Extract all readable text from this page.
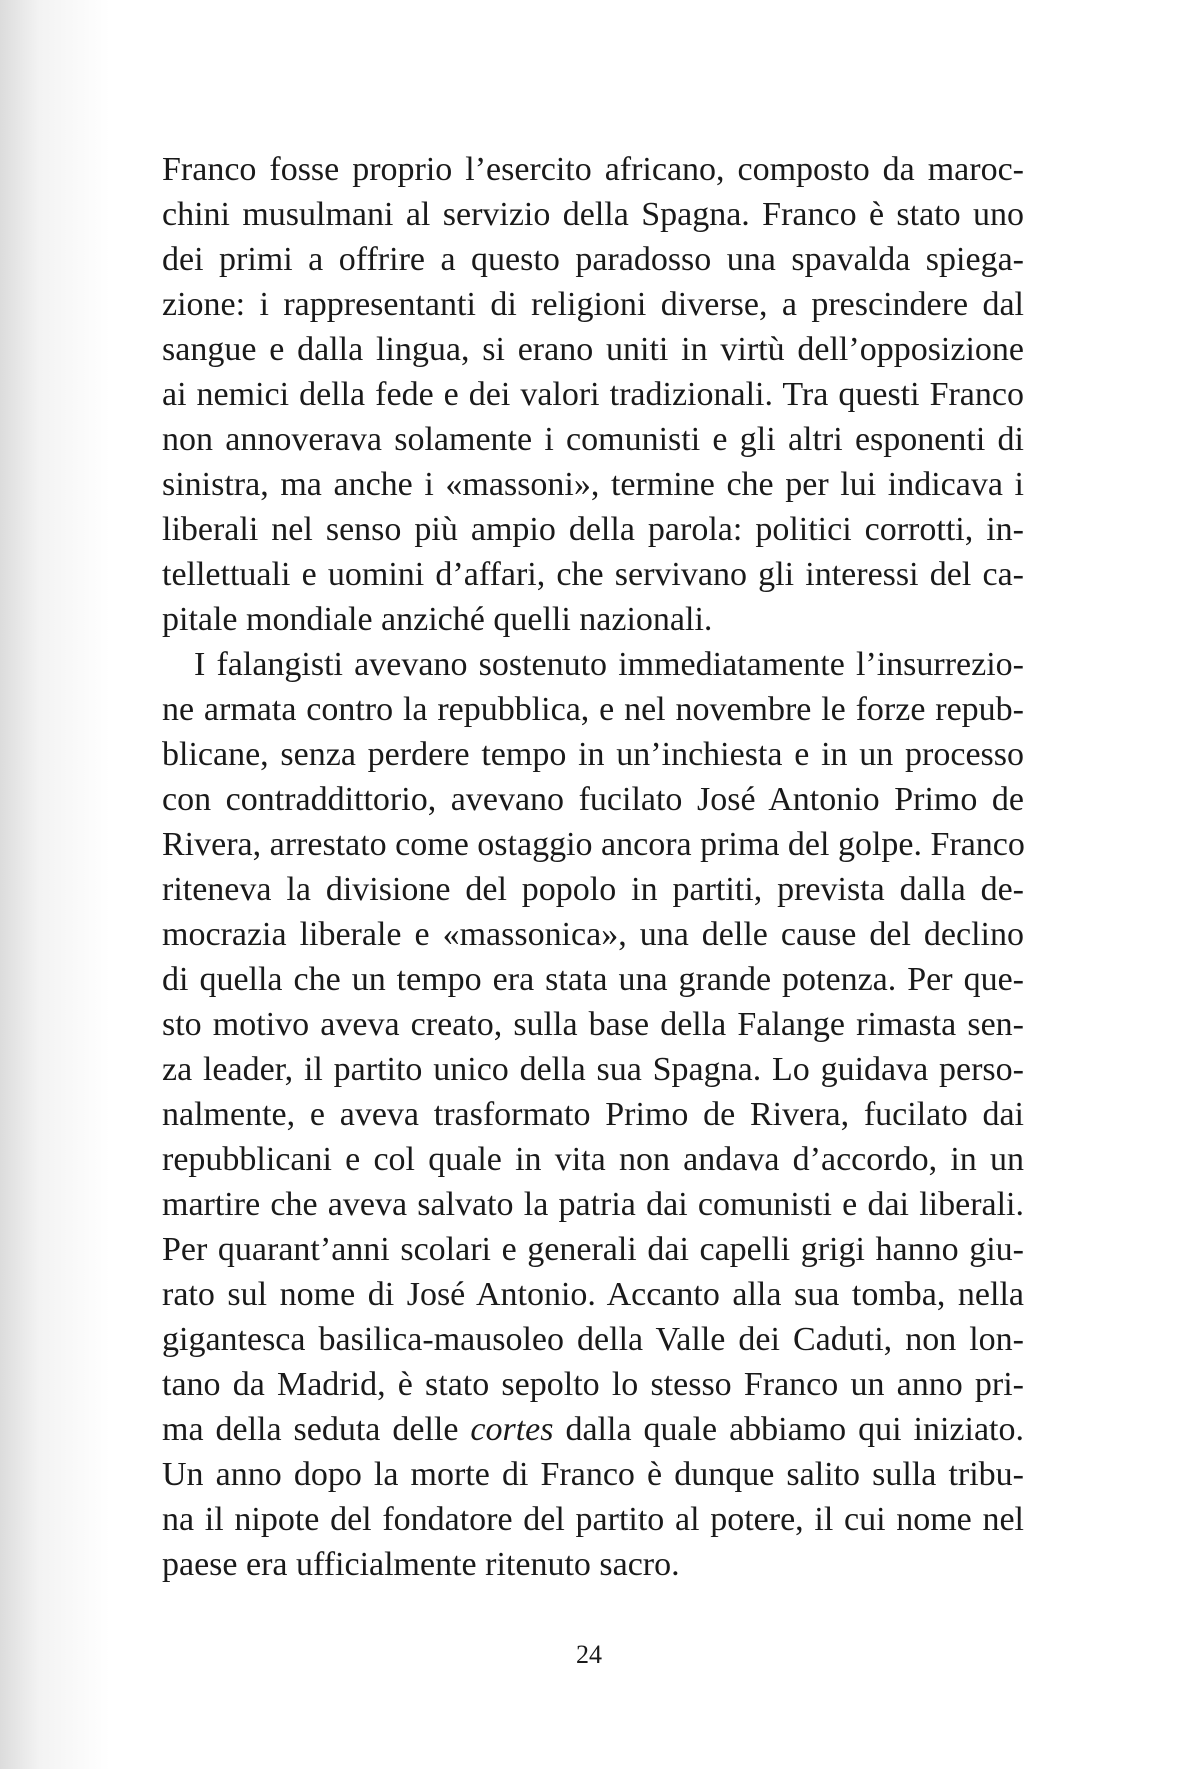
Franco fosse proprio l’esercito africano, composto da maroc-
chini musulmani al servizio della Spagna. Franco è stato uno
dei primi a offrire a questo paradosso una spavalda spiega-
zione: i rappresentanti di religioni diverse, a prescindere dal
sangue e dalla lingua, si erano uniti in virtù dell’opposizione
ai nemici della fede e dei valori tradizionali. Tra questi Franco
non annoverava solamente i comunisti e gli altri esponenti di
sinistra, ma anche i «massoni», termine che per lui indicava i
liberali nel senso più ampio della parola: politici corrotti, in-
tellettuali e uomini d’affari, che servivano gli interessi del ca-
pitale mondiale anziché quelli nazionali.
I falangisti avevano sostenuto immediatamente l’insurrezio-
ne armata contro la repubblica, e nel novembre le forze repub-
blicane, senza perdere tempo in un’inchiesta e in un processo
con contraddittorio, avevano fucilato José Antonio Primo de
Rivera, arrestato come ostaggio ancora prima del golpe. Franco
riteneva la divisione del popolo in partiti, prevista dalla de-
mocrazia liberale e «massonica», una delle cause del declino
di quella che un tempo era stata una grande potenza. Per que-
sto motivo aveva creato, sulla base della Falange rimasta sen-
za leader, il partito unico della sua Spagna. Lo guidava perso-
nalmente, e aveva trasformato Primo de Rivera, fucilato dai
repubblicani e col quale in vita non andava d’accordo, in un
martire che aveva salvato la patria dai comunisti e dai liberali.
Per quarant’anni scolari e generali dai capelli grigi hanno giu-
rato sul nome di José Antonio. Accanto alla sua tomba, nella
gigantesca basilica-mausoleo della Valle dei Caduti, non lon-
tano da Madrid, è stato sepolto lo stesso Franco un anno pri-
ma della seduta delle cortes dalla quale abbiamo qui iniziato.
Un anno dopo la morte di Franco è dunque salito sulla tribu-
na il nipote del fondatore del partito al potere, il cui nome nel
paese era ufficialmente ritenuto sacro.
24
